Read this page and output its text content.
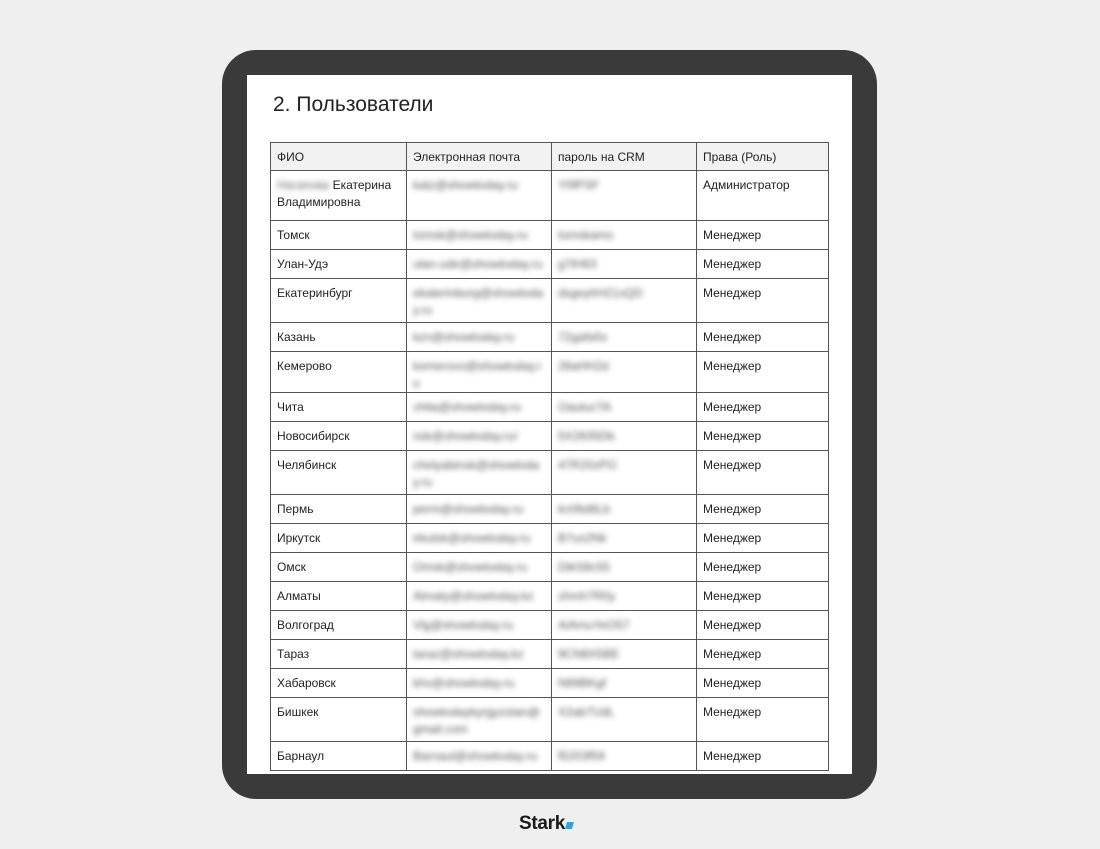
2. Пользователи
ФИО	Электронная почта	пароль на CRM	Права (Роль)
Нагапова Екатерина Владимировна	katz@showtoday.ru	Y0fPSF	Администратор
Томск	tomsk@showtoday.ru	tomskamo	Менеджер
Улан-Удэ	ulan-ude@showtoday.ru	g7tH63	Менеджер
Екатеринбург	ekaterinburg@showtoday.ru	dsgeyhH21xQD	Менеджер
Казань	kzn@showtoday.ru	72gafa5s	Менеджер
Кемерово	kemerovo@showtoday.ru	28aHH2d	Менеджер
Чита	chita@showtoday.ru	OautucTA	Менеджер
Новосибирск	nsk@showtoday.ru/	5X2835Db	Менеджер
Челябинск	chelyabinsk@showtoday.ru	47R20zPO	Менеджер
Пермь	perm@showtoday.ru	kc06d6Lb	Менеджер
Иркутск	irkutsk@showtoday.ru	B7us2Nk	Менеджер
Омск	Omsk@showtoday.ru	DtkS8c55	Менеджер
Алматы	Almaty@showtoday.kz	zhmh7R0y	Менеджер
Волгоград	Vlg@showtoday.ru	AiAmuYeO57	Менеджер
Тараз	taraz@showtoday.kz	9CN8X5BE	Менеджер
Хабаровск	khv@showtoday.ru	N89BKgf	Менеджер
Бишкек	showtodaykyrgyzstan@gmail.com	X2ab7UdL	Менеджер
Барнаул	Barnaul@showtoday.ru	f5203f59	Менеджер
Stark
